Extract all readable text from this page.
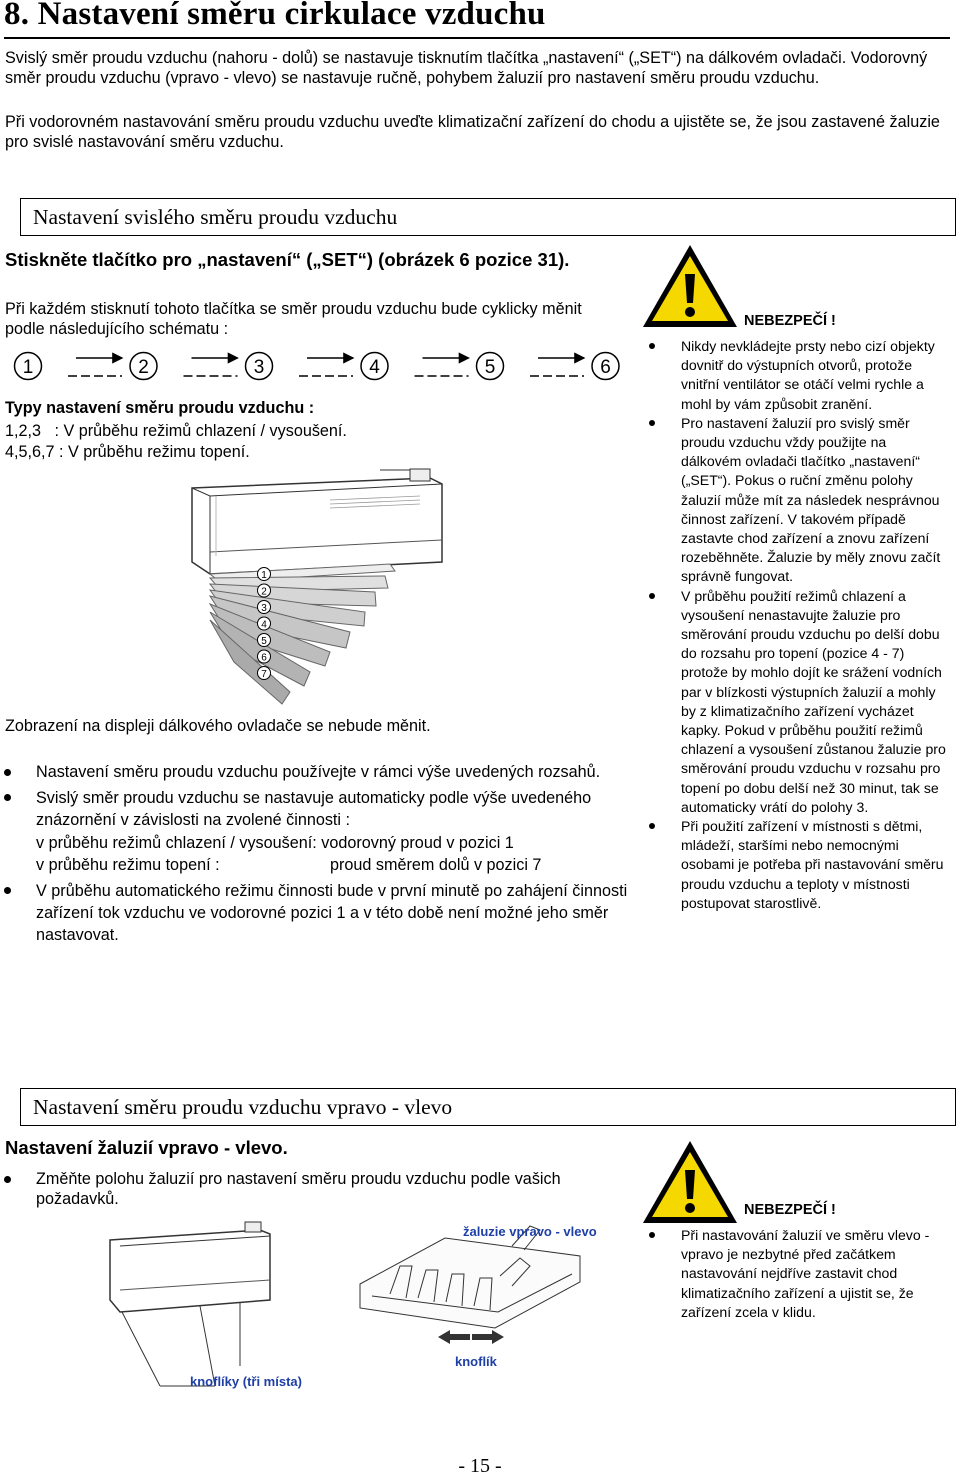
8. Nastavení směru cirkulace vzduchu
Svislý směr proudu vzduchu (nahoru - dolů) se nastavuje tisknutím tlačítka „nastavení“ („SET“) na dálkovém ovladači. Vodorovný směr proudu vzduchu (vpravo - vlevo) se nastavuje ručně, pohybem žaluzií pro nastavení směru proudu vzduchu.
Při vodorovném nastavování směru proudu vzduchu uveďte klimatizační zařízení do chodu a ujistěte se, že jsou zastavené žaluzie pro svislé nastavování směru vzduchu.
Nastavení svislého směru proudu vzduchu
Stiskněte tlačítko pro „nastavení“ („SET“) (obrázek 6 pozice 31).
Při každém stisknutí tohoto tlačítka se směr proudu vzduchu bude cyklicky měnit podle následujícího schématu :
1	2	3	4	5	6
Typy nastavení směru proudu vzduchu :
1,2,3   : V průběhu režimů chlazení / vysoušení.
4,5,6,7 : V průběhu režimu topení.
1
2
3
4
5
6
7
Zobrazení na displeji dálkového ovladače se nebude měnit.
Nastavení směru proudu vzduchu používejte v rámci výše uvedených rozsahů.
Svislý směr proudu vzduchu se nastavuje automaticky podle výše uvedeného znázornění v závislosti na zvolené činnosti :
v průběhu režimů chlazení / vysoušení: vodorovný proud v pozici 1
v průběhu režimu topení :	proud směrem dolů v pozici 7
V průběhu automatického režimu činnosti bude v první minutě po zahájení činnosti zařízení tok vzduchu ve vodorovné pozici 1 a v této době není možné jeho směr nastavovat.
NEBEZPEČÍ !
Nikdy nevkládejte prsty nebo cizí objekty dovnitř do výstupních otvorů, protože vnitřní ventilátor se otáčí velmi rychle a mohl by vám způsobit zranění.
Pro nastavení žaluzií pro svislý směr proudu vzduchu vždy použijte na dálkovém ovladači tlačítko „nastavení“ („SET“). Pokus o ruční změnu polohy žaluzií může mít za následek nesprávnou činnost zařízení. V takovém případě zastavte chod zařízení a znovu zařízení rozeběhněte. Žaluzie by měly znovu začít správně fungovat.
V průběhu použití režimů chlazení a vysoušení nenastavujte žaluzie pro směrování proudu vzduchu po delší dobu do rozsahu pro topení (pozice 4 - 7) protože by mohlo dojít ke srážení vodních par v blízkosti výstupních žaluzií a mohly by z klimatizačního zařízení vycházet kapky. Pokud v průběhu použití režimů chlazení a vysoušení zůstanou žaluzie pro směrování proudu vzduchu v rozsahu pro topení po dobu delší než 30 minut, tak se automaticky vrátí do polohy 3.
Při použití zařízení v místnosti s dětmi, mládeží, staršími nebo nemocnými osobami je potřeba při nastavování směru proudu vzduchu a teploty v místnosti postupovat starostlivě.
Nastavení směru proudu vzduchu vpravo - vlevo
Nastavení žaluzií vpravo - vlevo.
Změňte polohu žaluzií pro nastavení směru proudu vzduchu podle vašich požadavků.
žaluzie vpravo - vlevo
knoflík
knoflíky (tři místa)
NEBEZPEČÍ !
Při nastavování žaluzií ve směru vlevo - vpravo je nezbytné před začátkem nastavování nejdříve zastavit chod klimatizačního zařízení a ujistit se, že zařízení zcela v klidu.
- 15 -
